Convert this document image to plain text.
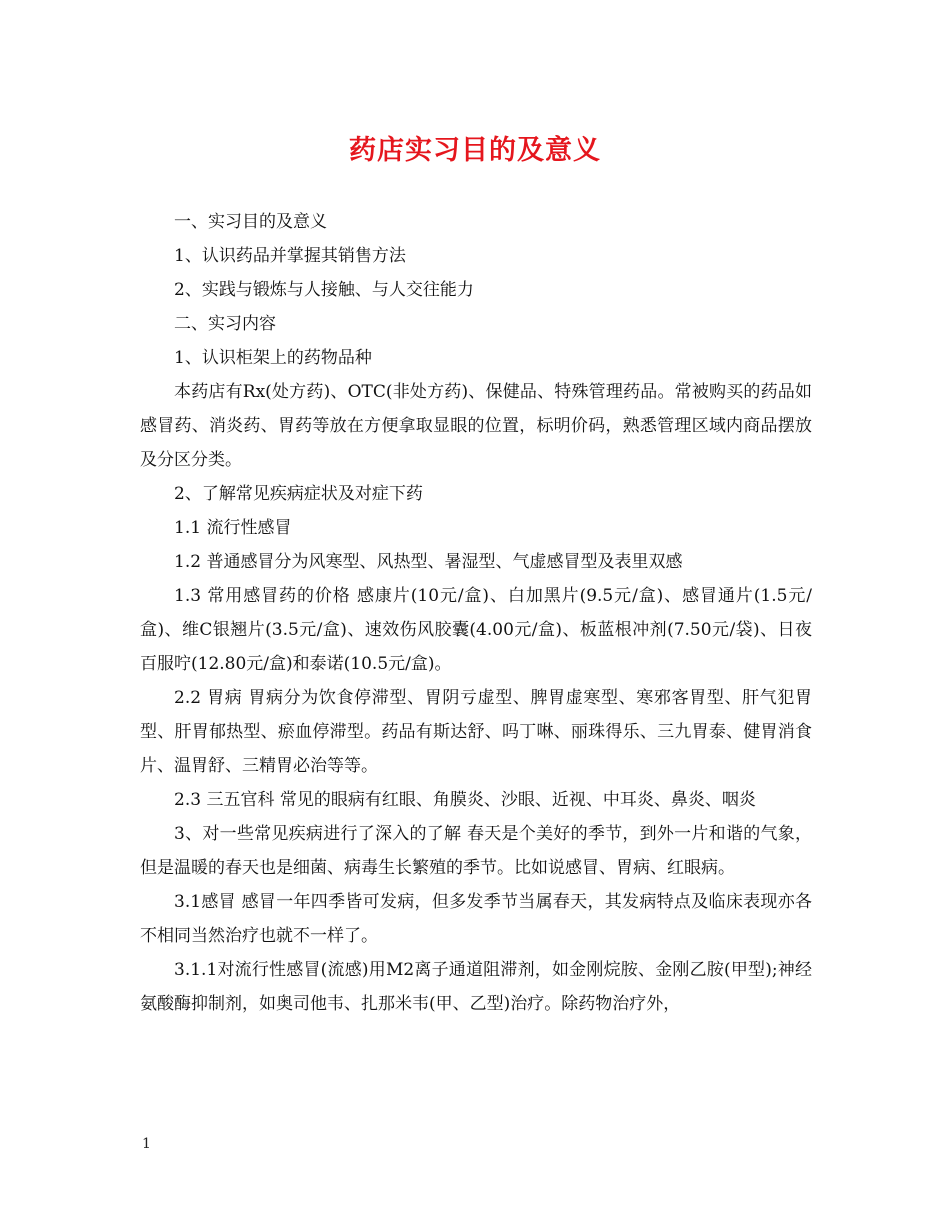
药店实习目的及意义

一、实习目的及意义

1、认识药品并掌握其销售方法

2、实践与锻炼与人接触、与人交往能力

二、实习内容

1、认识柜架上的药物品种

本药店有Rx(处方药)、OTC(非处方药)、保健品、特殊管理药品。常被购买的药品如感冒药、消炎药、胃药等放在方便拿取显眼的位置，标明价码，熟悉管理区域内商品摆放及分区分类。

2、了解常见疾病症状及对症下药

1.1 流行性感冒

1.2 普通感冒分为风寒型、风热型、暑湿型、气虚感冒型及表里双感

1.3 常用感冒药的价格 感康片(10元/盒)、白加黑片(9.5元/盒)、感冒通片(1.5元/盒)、维C银翘片(3.5元/盒)、速效伤风胶囊(4.00元/盒)、板蓝根冲剂(7.50元/袋)、日夜百服咛(12.80元/盒)和泰诺(10.5元/盒)。

2.2 胃病 胃病分为饮食停滞型、胃阴亏虚型、脾胃虚寒型、寒邪客胃型、肝气犯胃型、肝胃郁热型、瘀血停滞型。药品有斯达舒、吗丁啉、丽珠得乐、三九胃泰、健胃消食片、温胃舒、三精胃必治等等。

2.3 三五官科 常见的眼病有红眼、角膜炎、沙眼、近视、中耳炎、鼻炎、咽炎

3、对一些常见疾病进行了深入的了解 春天是个美好的季节，到外一片和谐的气象，但是温暖的春天也是细菌、病毒生长繁殖的季节。比如说感冒、胃病、红眼病。

3.1感冒 感冒一年四季皆可发病，但多发季节当属春天，其发病特点及临床表现亦各不相同当然治疗也就不一样了。

3.1.1对流行性感冒(流感)用M2离子通道阻滞剂，如金刚烷胺、金刚乙胺(甲型);神经氨酸酶抑制剂，如奥司他韦、扎那米韦(甲、乙型)治疗。除药物治疗外，

1
